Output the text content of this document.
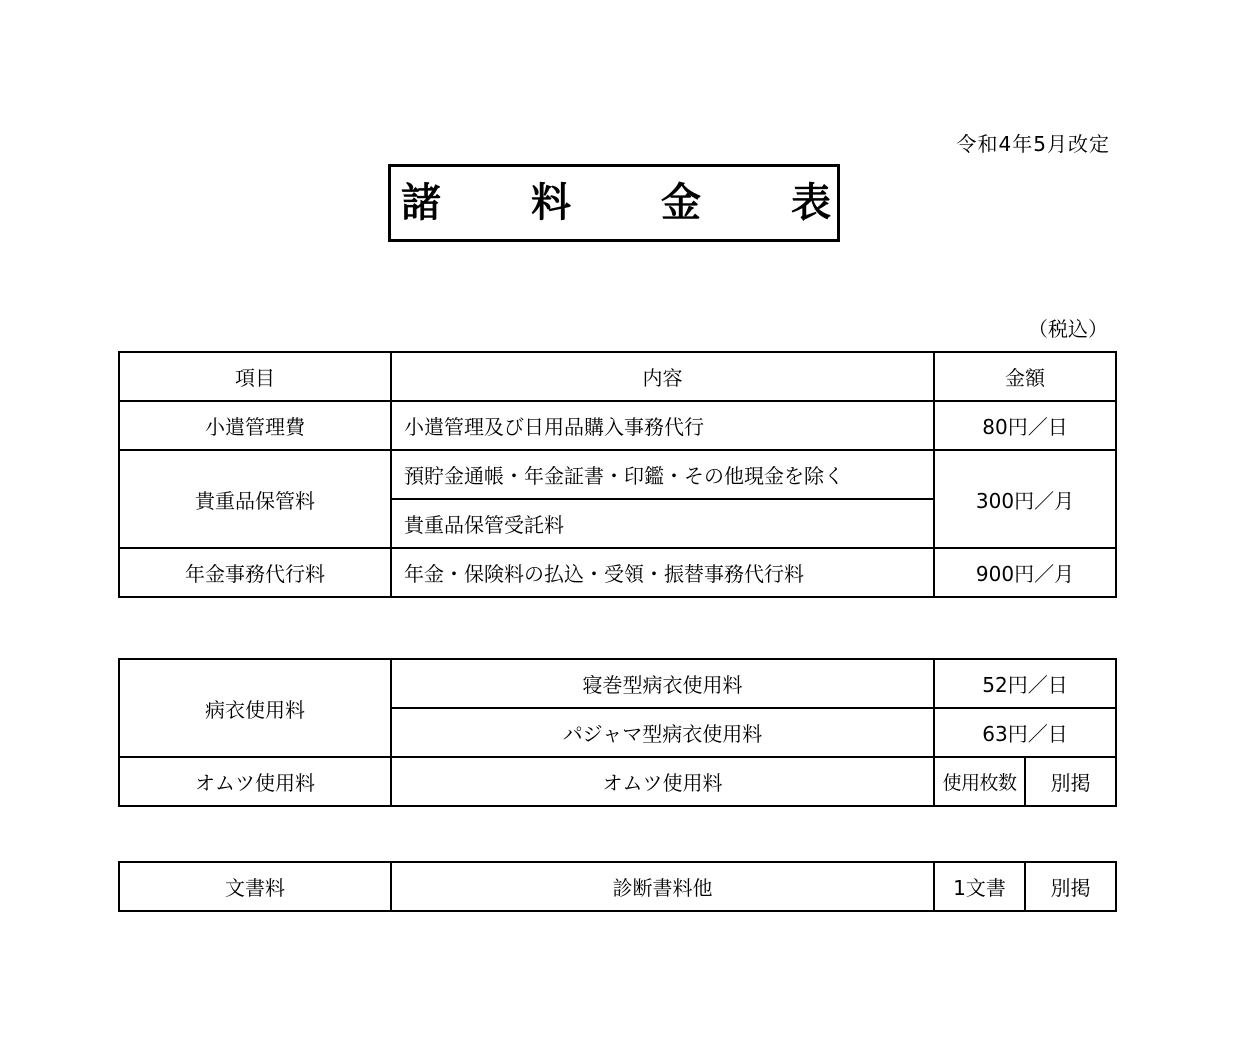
令和4年5月改定
諸 料 金 表
（税込）
項目	内容	金額
小遣管理費	小遣管理及び日用品購入事務代行	80円／日
貴重品保管料	預貯金通帳・年金証書・印鑑・その他現金を除く	300円／月
	貴重品保管受託料	
年金事務代行料	年金・保険料の払込・受領・振替事務代行料	900円／月
病衣使用料	寝巻型病衣使用料	52円／日	
	パジャマ型病衣使用料	63円／日	
オムツ使用料	オムツ使用料	使用枚数	別掲
文書料	診断書料他	1文書	別掲
